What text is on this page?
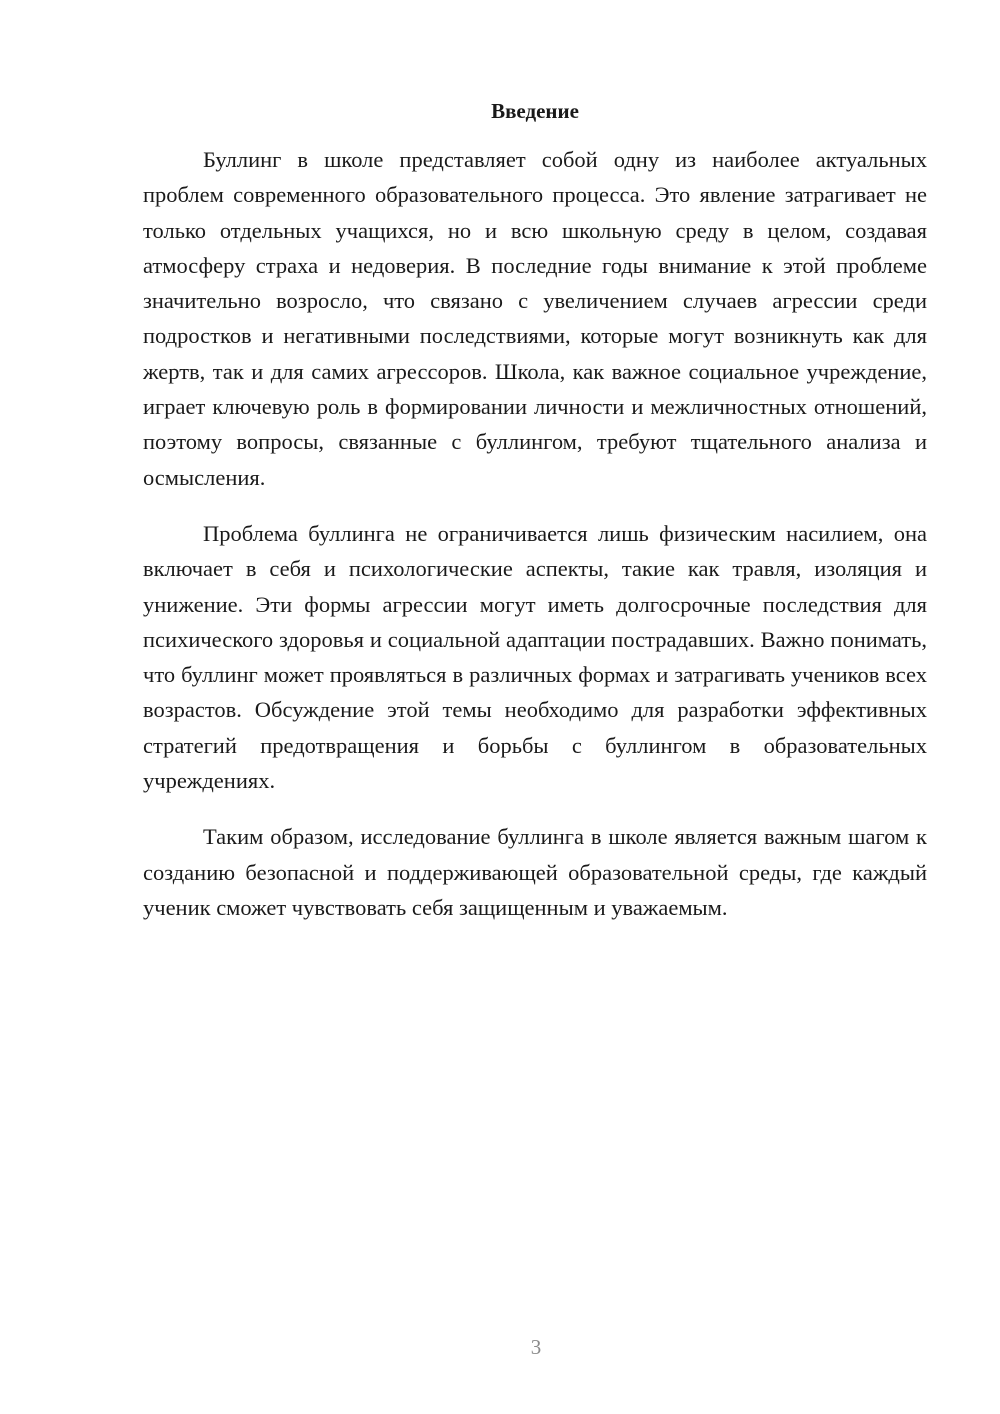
Введение

Буллинг в школе представляет собой одну из наиболее актуальных проблем современного образовательного процесса. Это явление затрагивает не только отдельных учащихся, но и всю школьную среду в целом, создавая атмосферу страха и недоверия. В последние годы внимание к этой проблеме значительно возросло, что связано с увеличением случаев агрессии среди подростков и негативными последствиями, которые могут возникнуть как для жертв, так и для самих агрессоров. Школа, как важное социальное учреждение, играет ключевую роль в формировании личности и межличностных отношений, поэтому вопросы, связанные с буллингом, требуют тщательного анализа и осмысления.

Проблема буллинга не ограничивается лишь физическим насилием, она включает в себя и психологические аспекты, такие как травля, изоляция и унижение. Эти формы агрессии могут иметь долгосрочные последствия для психического здоровья и социальной адаптации пострадавших. Важно понимать, что буллинг может проявляться в различных формах и затрагивать учеников всех возрастов. Обсуждение этой темы необходимо для разработки эффективных стратегий предотвращения и борьбы с буллингом в образовательных учреждениях.

Таким образом, исследование буллинга в школе является важным шагом к созданию безопасной и поддерживающей образовательной среды, где каждый ученик сможет чувствовать себя защищенным и уважаемым.

3
